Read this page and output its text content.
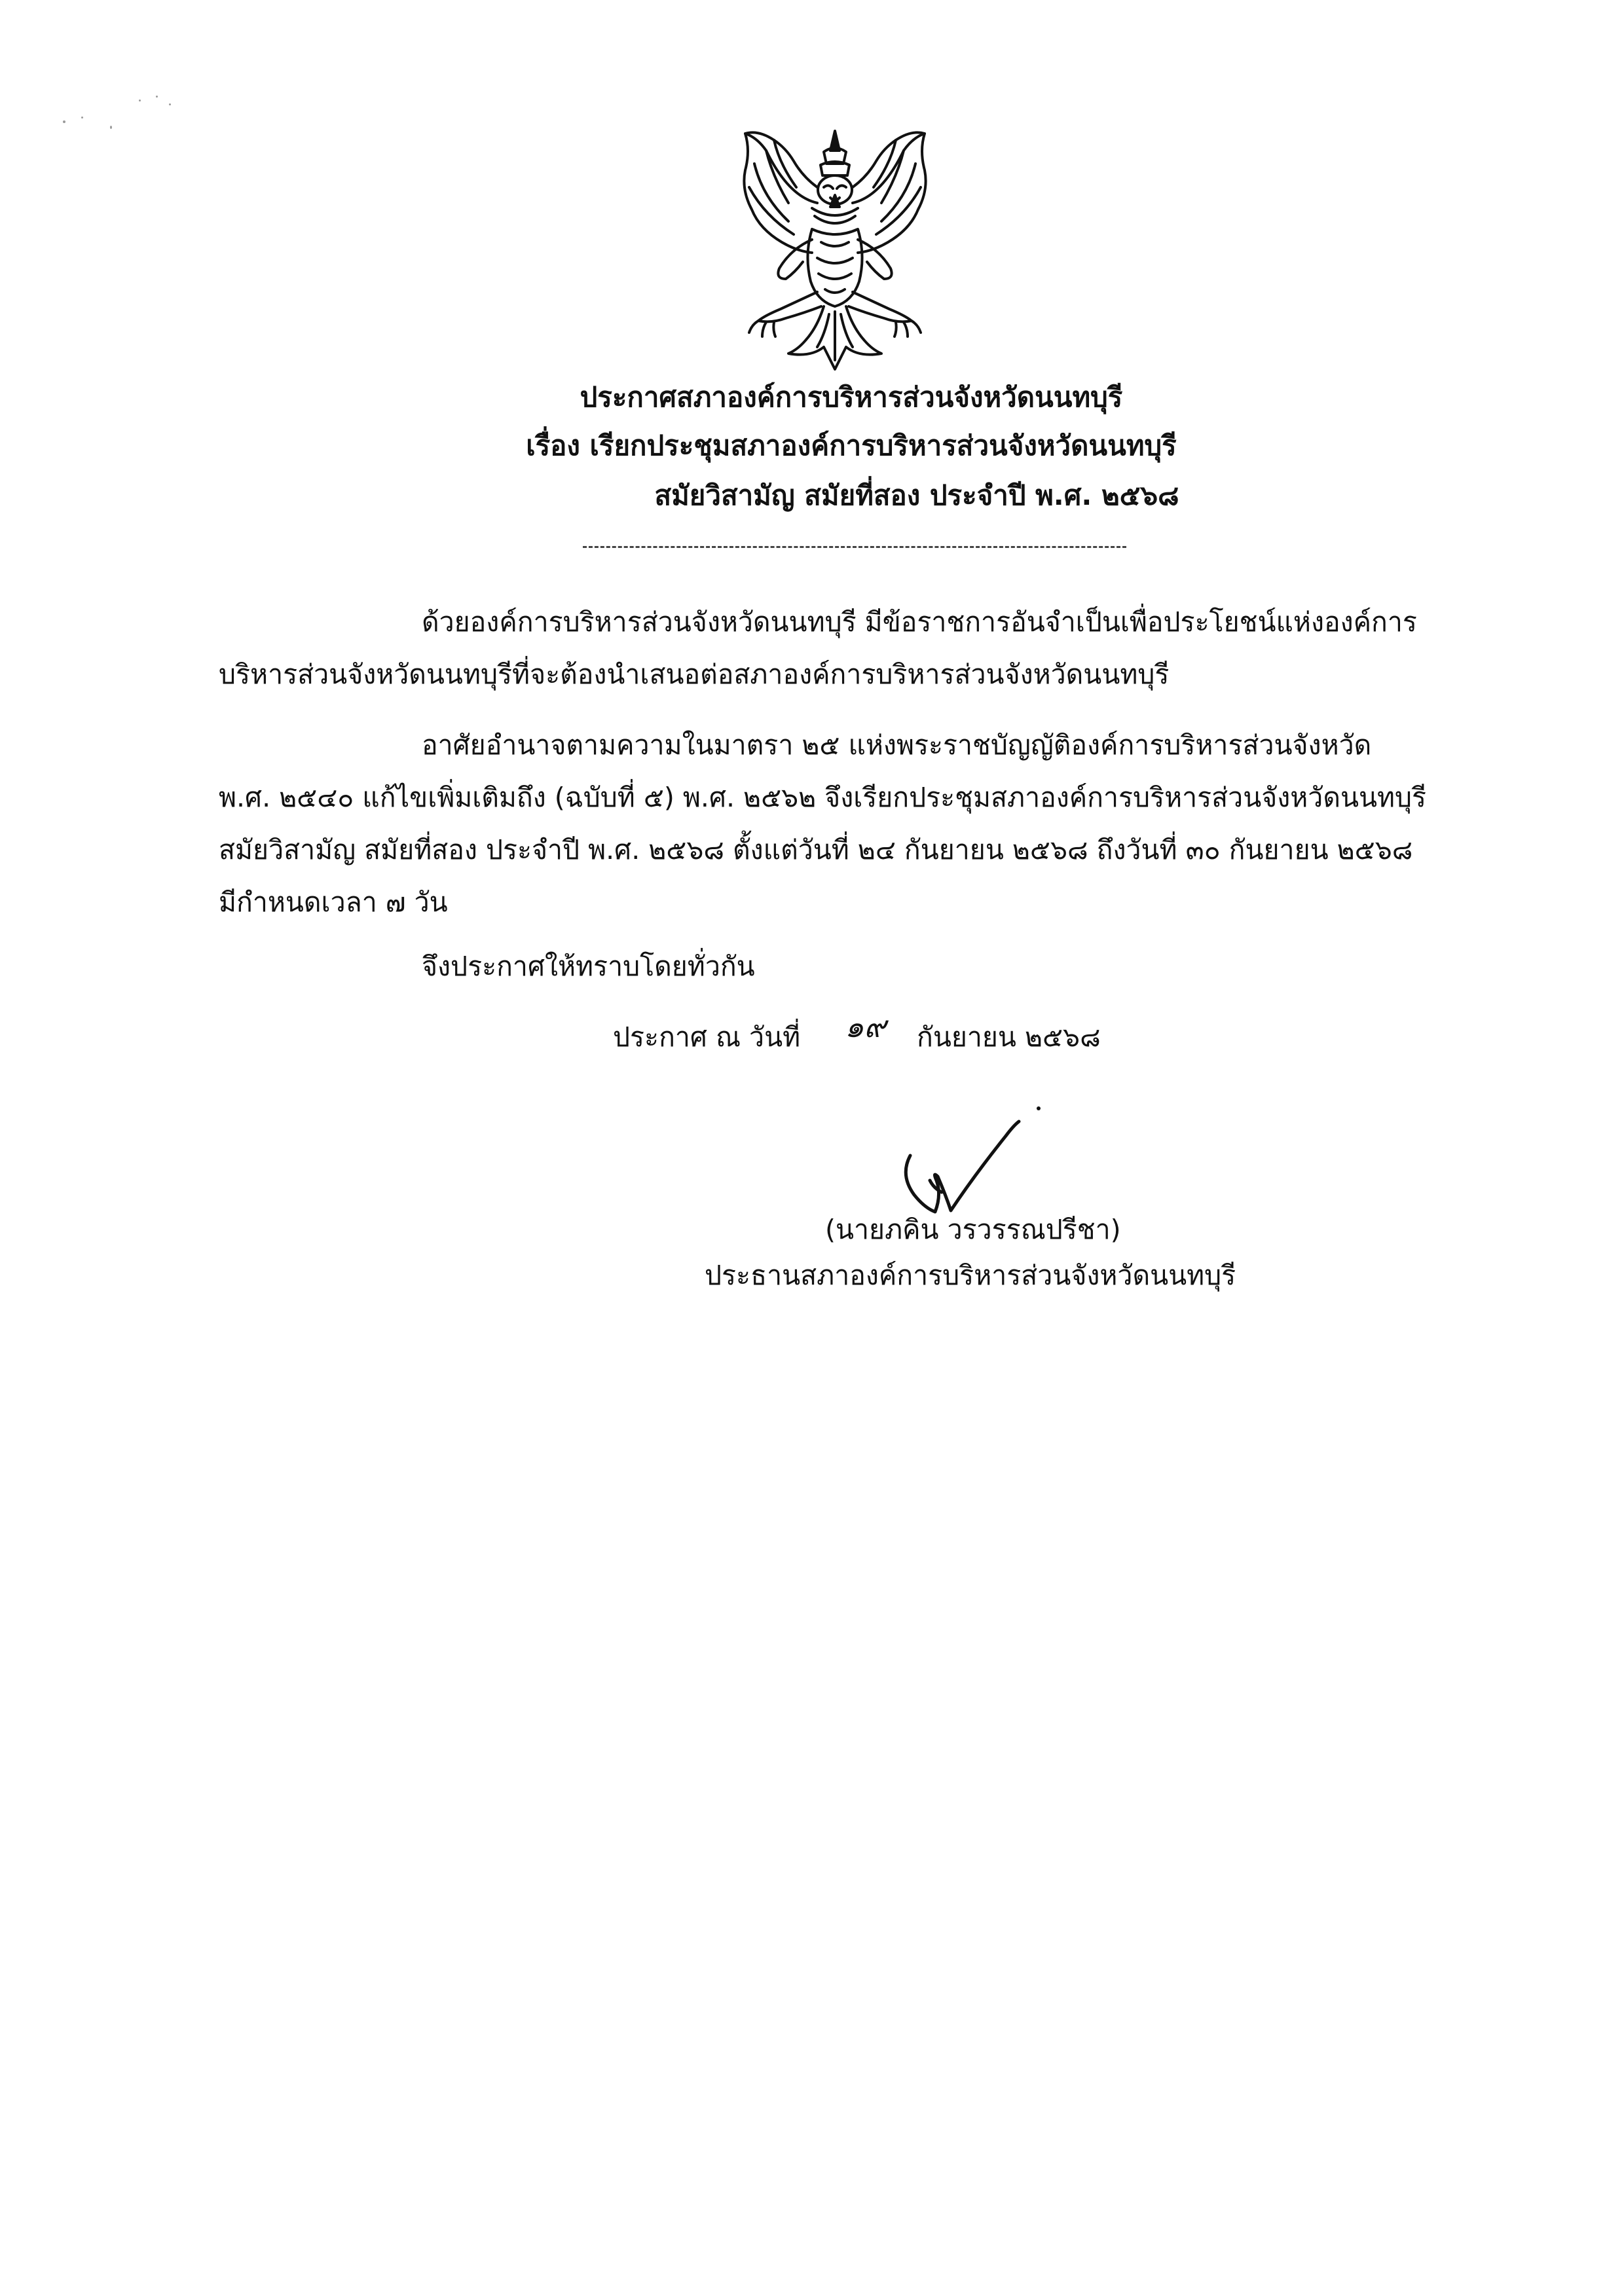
ประกาศสภาองค์การบริหารส่วนจังหวัดนนทบุรี
เรื่อง เรียกประชุมสภาองค์การบริหารส่วนจังหวัดนนทบุรี
สมัยวิสามัญ สมัยที่สอง ประจำปี พ.ศ. ๒๕๖๘
ด้วยองค์การบริหารส่วนจังหวัดนนทบุรี มีข้อราชการอันจำเป็นเพื่อประโยชน์แห่งองค์การ
บริหารส่วนจังหวัดนนทบุรีที่จะต้องนำเสนอต่อสภาองค์การบริหารส่วนจังหวัดนนทบุรี
อาศัยอำนาจตามความในมาตรา ๒๕ แห่งพระราชบัญญัติองค์การบริหารส่วนจังหวัด
พ.ศ. ๒๕๔๐ แก้ไขเพิ่มเติมถึง (ฉบับที่ ๕) พ.ศ. ๒๕๖๒ จึงเรียกประชุมสภาองค์การบริหารส่วนจังหวัดนนทบุรี
สมัยวิสามัญ สมัยที่สอง ประจำปี พ.ศ. ๒๕๖๘ ตั้งแต่วันที่ ๒๔ กันยายน ๒๕๖๘ ถึงวันที่ ๓๐ กันยายน ๒๕๖๘
มีกำหนดเวลา ๗ วัน
จึงประกาศให้ทราบโดยทั่วกัน
ประกาศ ณ วันที่ ๑๙ กันยายน ๒๕๖๘
(นายภคิน วรวรรณปรีชา)
ประธานสภาองค์การบริหารส่วนจังหวัดนนทบุรี
